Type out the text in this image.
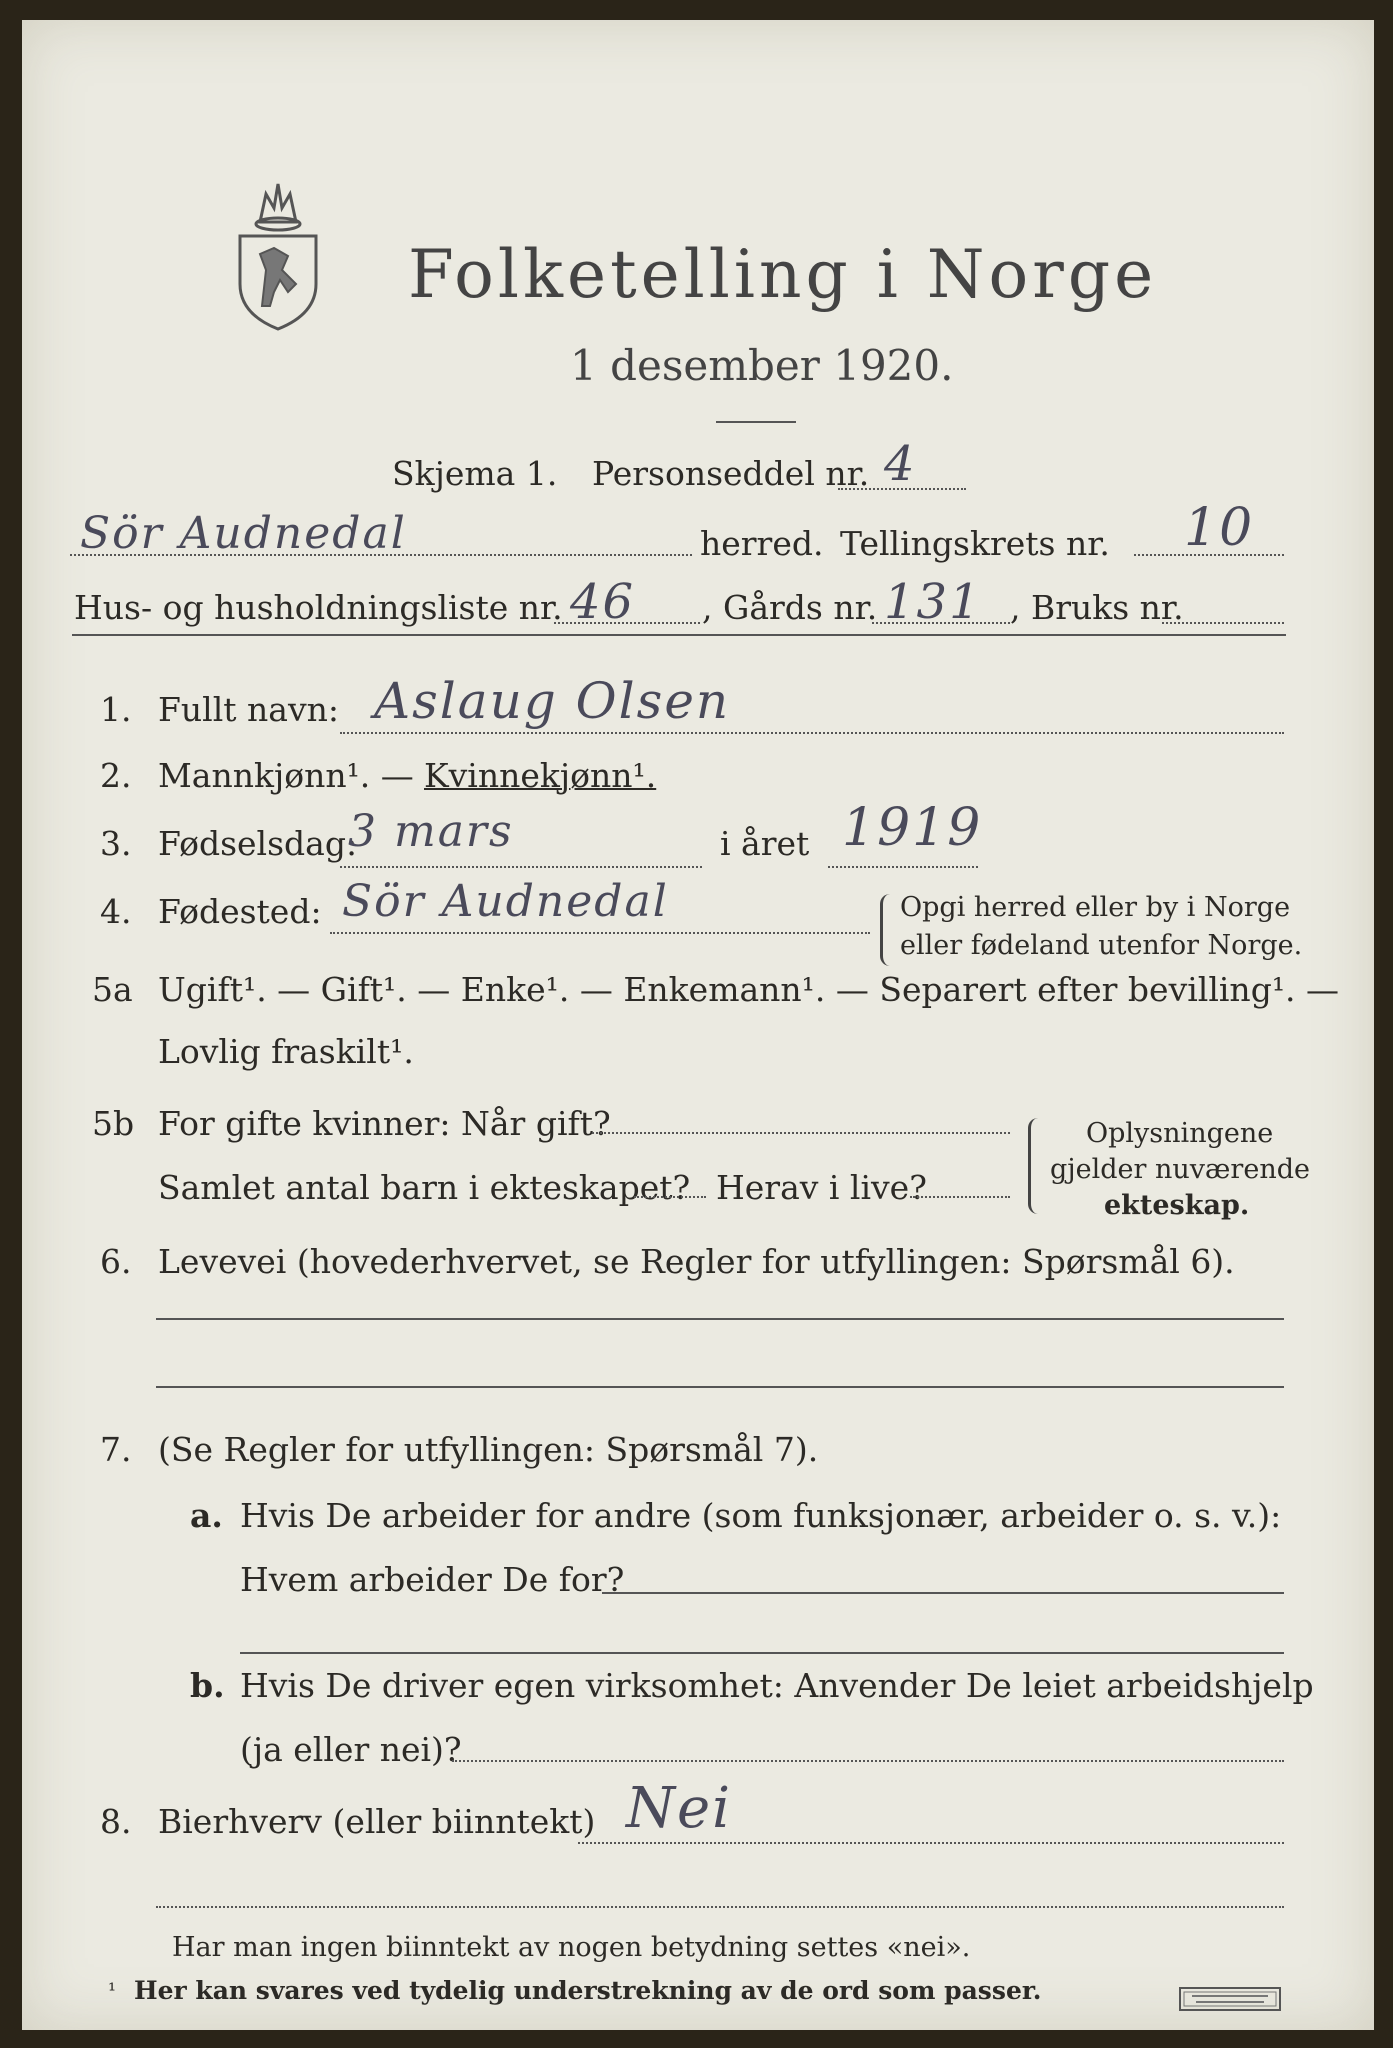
Folketelling i Norge
1 desember 1920.
Skjema 1. Personseddel nr. 4
Sör Audnedal	herred. Tellingskrets nr. 10
Hus- og husholdningsliste nr. 46 , Gårds nr. 131 , Bruks nr.
1. Fullt navn: Aslaug Olsen
2. Mannkjønn¹. — Kvinnekjønn¹.
3. Fødselsdag:
3 mars	i året 1919
4. Fødested: Sör Audnedal	Opgi herred eller by i Norge
eller fødeland utenfor Norge.
5a Ugift¹. — Gift¹. — Enke¹. — Enkemann¹. — Separert efter bevilling¹. —
Lovlig fraskilt¹.
5b For gifte kvinner: Når gift?
Samlet antal barn i ekteskapet? Herav i live?
Oplysningene
gjelder nuværende
ekteskap.
6. Levevei (hovederhvervet, se Regler for utfyllingen: Spørsmål 6).
7. (Se Regler for utfyllingen: Spørsmål 7).
a. Hvis De arbeider for andre (som funksjonær, arbeider o. s. v.):
Hvem arbeider De for?
b. Hvis De driver egen virksomhet: Anvender De leiet arbeidshjelp
(ja eller nei)?
8. Bierhverv (eller biinntekt) Nei
Har man ingen biinntekt av nogen betydning settes «nei».
¹ Her kan svares ved tydelig understrekning av de ord som passer.
